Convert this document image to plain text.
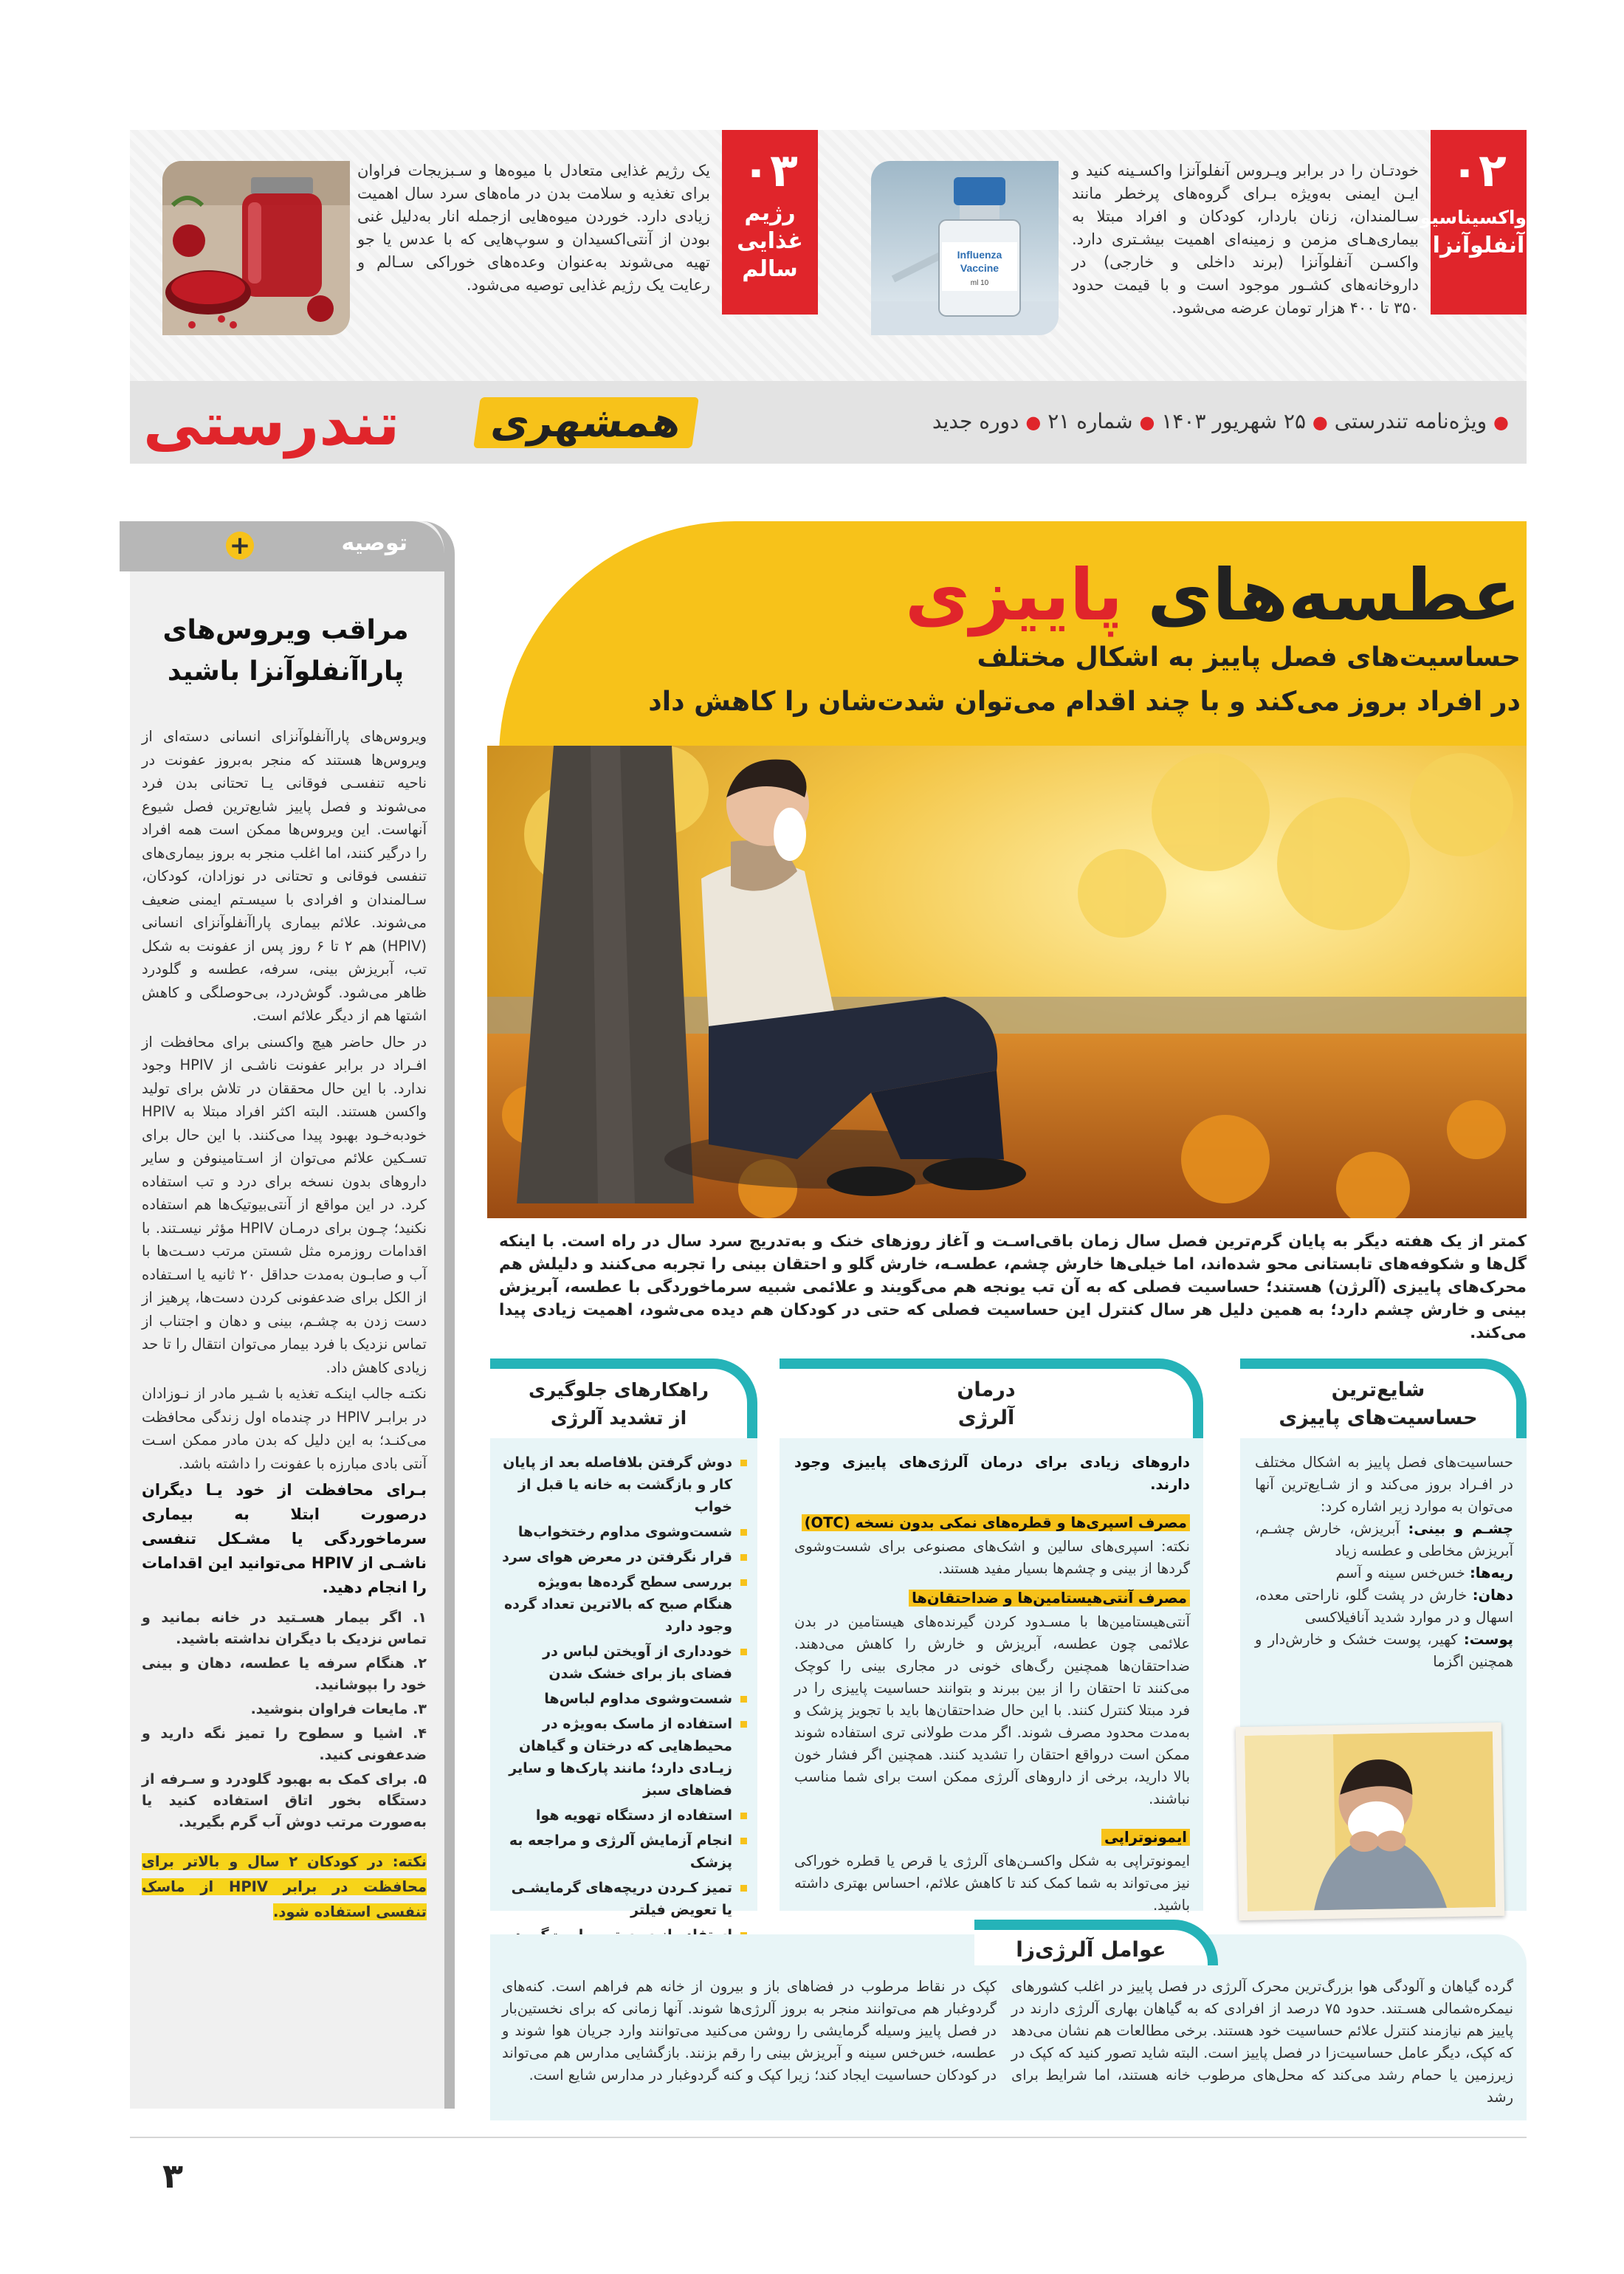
۰۲
واکسیناسیون
آنفلوآنزا
خودتـان را در برابر ویـروس آنفلوآنزا واکسـینه کنید و ایـن ایمنی به‌ویژه بـرای گروه‌های پرخطر مانند سـالمندان، زنان باردار، کودکان و افراد مبتلا به بیماری‌هـای مزمن و زمینه‌ای اهمیت بیشـتری دارد. واکسـن آنفلوآنزا (برند داخلی و خارجی) در داروخانه‌های کشـور موجود است و با قیمت حدود ۳۵۰ تا ۴۰۰ هزار تومان عرضه می‌شود.
Influenza
Vaccine
10 ml
۰۳
رژیم
غذایی
سالم
یک رژیم غذایی متعادل با میوه‌ها و سـبزیجات فراوان برای تغذیه و سلامت بدن در ماه‌های سرد سال اهمیت زیادی دارد. خوردن میوه‌هایی ازجمله انار به‌دلیل غنی بودن از آنتی‌اکسیدان و سوپ‌هایی که با عدس یا جو تهیه می‌شوند به‌عنوان وعده‌های خوراکی سـالم و رعایت یک رژیم غذایی توصیه می‌شود.
تندرستی	همشهری	● ویژه‌نامه تندرستی ● ۲۵ شهریور ۱۴۰۳ ● شماره ۲۱ ● دوره جدید
توصیه
+
مراقب ویروس‌های
پاراآنفلوآنزا باشید

ویروس‌های پاراآنفلوآنزای انسانی دسته‌ای از ویروس‌ها هستند که منجر به‌بروز عفونت در ناحیه تنفسـی فوقانی یـا تحتانی بدن فرد می‌شوند و فصل پاییز شایع‌ترین فصل شیوع آنهاست. این ویروس‌ها ممکن است همه افراد را درگیر کنند، اما اغلب منجر به بروز بیماری‌های تنفسی فوقانی و تحتانی در نوزادان، کودکان، سـالمندان و افرادی با سیسـتم ایمنی ضعیف می‌شوند. علائم بیماری پاراآنفلوآنزای انسانی (HPIV) هم ۲ تا ۶ روز پس از عفونت به شکل تب، آبریزش بینی، سرفه، عطسه و گلودرد ظاهر می‌شود. گوش‌درد، بی‌حوصلگی و کاهش اشتها هم از دیگر علائم است.

در حال حاضر هیچ واکسنی برای محافظت از افـراد در برابر عفونت ناشـی از HPIV وجود ندارد. با این حال محققان در تلاش برای تولید واکسن هستند. البته اکثر افراد مبتلا به HPIV خودبه‌خـود بهبود پیدا می‌کنند. با این حال برای تسـکین علائم می‌توان از اسـتامینوفن و سایر داروهای بدون نسخه برای درد و تب استفاده کرد. در این مواقع از آنتی‌بیوتیک‌ها هم استفاده نکنید؛ چـون برای درمـان HPIV مؤثر نیسـتند. با اقدامات روزمره مثل شستن مرتب دسـت‌ها با آب و صابـون به‌مدت حداقل ۲۰ ثانیه یا اسـتفاده از الکل برای ضدعفونی کردن دست‌ها، پرهیز از دست زدن به چشـم، بینی و دهان و اجتناب از تماس نزدیک با فرد بیمار می‌توان انتقال را تا حد زیادی کاهش داد.

نکتـه جالب اینکـه تغذیه با شـیر مادر از نـوزادان در برابـر HPIV در چندماه اول زندگی محافظت می‌کنـد؛ به این دلیل که بدن مادر ممکن اسـت آنتی بادی مبارزه با عفونت را داشته باشد.

بـرای محافظت از خود یـا دیگران درصورت ابتلا به بیماری سرماخوردگی یا مشـکل تنفسی ناشـی از HPIV می‌توانید این اقدامات را انجام دهید.

۱. اگر بیمار هسـتید در خانه بمانید و تماس نزدیک با دیگران نداشته باشید.
۲. هنگام سرفه یا عطسه، دهان و بینی خود را بپوشانید.
۳. مایعات فراوان بنوشید.
۴. اشیا و سطوح را تمیز نگه دارید و ضدعفونی کنید.
۵. برای کمک به بهبود گلودرد و سـرفه از دستگاه بخور اتاق استفاده کنید یا به‌صورت مرتب دوش آب گرم بگیرید.
نکته: در کودکان ۲ سال و بالاتر برای محافظت در برابر HPIV از ماسک تنفسی استفاده شود.
عطسه‌های پاییزی
حساسیت‌های فصل پاییز به اشکال مختلف
در افراد بروز می‌کند و با چند اقدام می‌توان شدت‌شان را کاهش داد
کمتر از یک هفته دیگر به پایان گرم‌ترین فصل سال زمان باقی‌اسـت و آغاز روزهای خنک و به‌تدریج سرد سال در راه است. با اینکه گل‌ها و شکوفه‌های تابستانی محو شده‌اند، اما خیلی‌ها خارش چشم، عطسـه، خارش گلو و احتقان بینی را تجربه می‌کنند و دلیلش هم محرک‌های پاییزی (آلرژن) هستند؛ حساسیت فصلی که به آن تب یونجه هم می‌گویند و علائمی شبیه سرماخوردگی با عطسه، آبریزش بینی و خارش چشم دارد؛ به همین دلیل هر سال کنترل این حساسیت فصلی که حتی در کودکان هم دیده می‌شود، اهمیت زیادی پیدا می‌کند.
شایع‌ترین
حساسیت‌های پاییزی
حساسیت‌های فصل پاییز به اشکال مختلف در افـراد بروز می‌کند و از شـایع‌ترین آنها می‌توان به موارد زیر اشاره کرد:
چشـم و بینی: آبریزش، خارش چشـم، آبریزش مخاطی و عطسه زیاد
ریه‌ها: خس‌خس سینه و آسم
دهان: خارش در پشت گلو، ناراحتی معده، اسهال و در موارد شدید آنافیلاکسی
پوست: کهیر، پوست خشک و خارش‌دار و همچنین اگزما
درمان
آلرژی
داروهای زیادی برای درمان آلرژی‌های پاییزی وجود دارند.
مصرف اسپری‌ها و قطره‌های نمکی بدون نسخه (OTC)
نکته: اسپری‌های سالین و اشک‌های مصنوعی برای شست‌وشوی گرد‌ها از بینی و چشم‌ها بسیار مفید هستند.
مصرف آنتی‌هیستامین‌ها و ضداحتقان‌ها
آنتی‌هیستامین‌ها با مسـدود کردن گیرنده‌های هیستامین در بدن علائمی چون عطسه، آبریزش و خارش را کاهش می‌دهند. ضداحتقان‌ها همچنین رگ‌های خونی در مجاری بینی را کوچک می‌کنند تا احتقان را از بین ببرند و بتوانند حساسیت پاییزی را در فرد مبتلا کنترل کنند. با این حال ضداحتقان‌ها باید با تجویز پزشک و به‌مدت محدود مصرف شوند. اگر مدت طولانی تری استفاده شوند ممکن است درواقع احتقان را تشدید کنند. همچنین اگر فشار خون بالا دارید، برخی از داروهای آلرژی ممکن است برای شما مناسب نباشند.
ایمونوتراپی
ایمونوتراپی به شکل واکسـن‌های آلرژی یا قرص یا قطره خوراکی نیز می‌تواند به شما کمک کند تا کاهش علائم، احساس بهتری داشته باشید.
راهکارهای جلوگیری
از تشدید آلرژی
دوش گرفتن بلافاصله بعد از پایان کار و بازگشت به خانه یا قبل از خواب
شست‌وشوی مداوم رختخواب‌ها
قرار نگرفتن در معرض هوای سرد
بررسی سطح گرده‌ها به‌ویژه هنگام صبح که بالاترین تعداد گرده وجود دارد
خودداری از آویختن لباس در فضای باز برای خشک شدن
شست‌وشوی مداوم لباس‌ها
استفاده از ماسک به‌ویژه در محیط‌هایی که درختان و گیاهان زیـادی دارد؛ مانند پارک‌ها و سایر فضاهای سبز
استفاده از دستگاه تهویه هوا
انجام آزمایش آلرژی و مراجعه به پزشک
تمیز کـردن دریچه‌های گرمایشـی یا تعویض فیلتر
عوامل آلرژی‌زا
گرده گیاهان و آلودگی هوا بزرگ‌ترین محرک آلرژی در فصل پاییز در اغلب کشورهای نیمکره‌شمالی هسـتند. حدود ۷۵ درصد از افرادی که به گیاهان بهاری آلرژی دارند در پاییز هم نیازمند کنترل علائم حساسیت خود هستند. برخی مطالعات هم نشان می‌دهد که کپک، دیگر عامل حساسیت‌زا در فصل پاییز است. البته شاید تصور کنید که کپک در زیرزمین یا حمام رشد می‌کند که محل‌های مرطوب خانه هستند، اما شرایط برای رشد
کپک در نقاط مرطوب در فضاهای باز و بیرون از خانه هم فراهم است. کنه‌های گردوغبار هم می‌توانند منجر به بروز آلرژی‌ها شوند. آنها زمانی که برای نخستین‌بار در فصل پاییز وسیله گرمایشی را روشن می‌کنید می‌توانند وارد جریان هوا شوند و عطسه، خس‌خس سینه و آبریزش بینی را رقم بزنند. بازگشایی مدارس هم می‌تواند در کودکان حساسیت ایجاد کند؛ زیرا کپک و کنه گردوغبار در مدارس شایع است.
۳
